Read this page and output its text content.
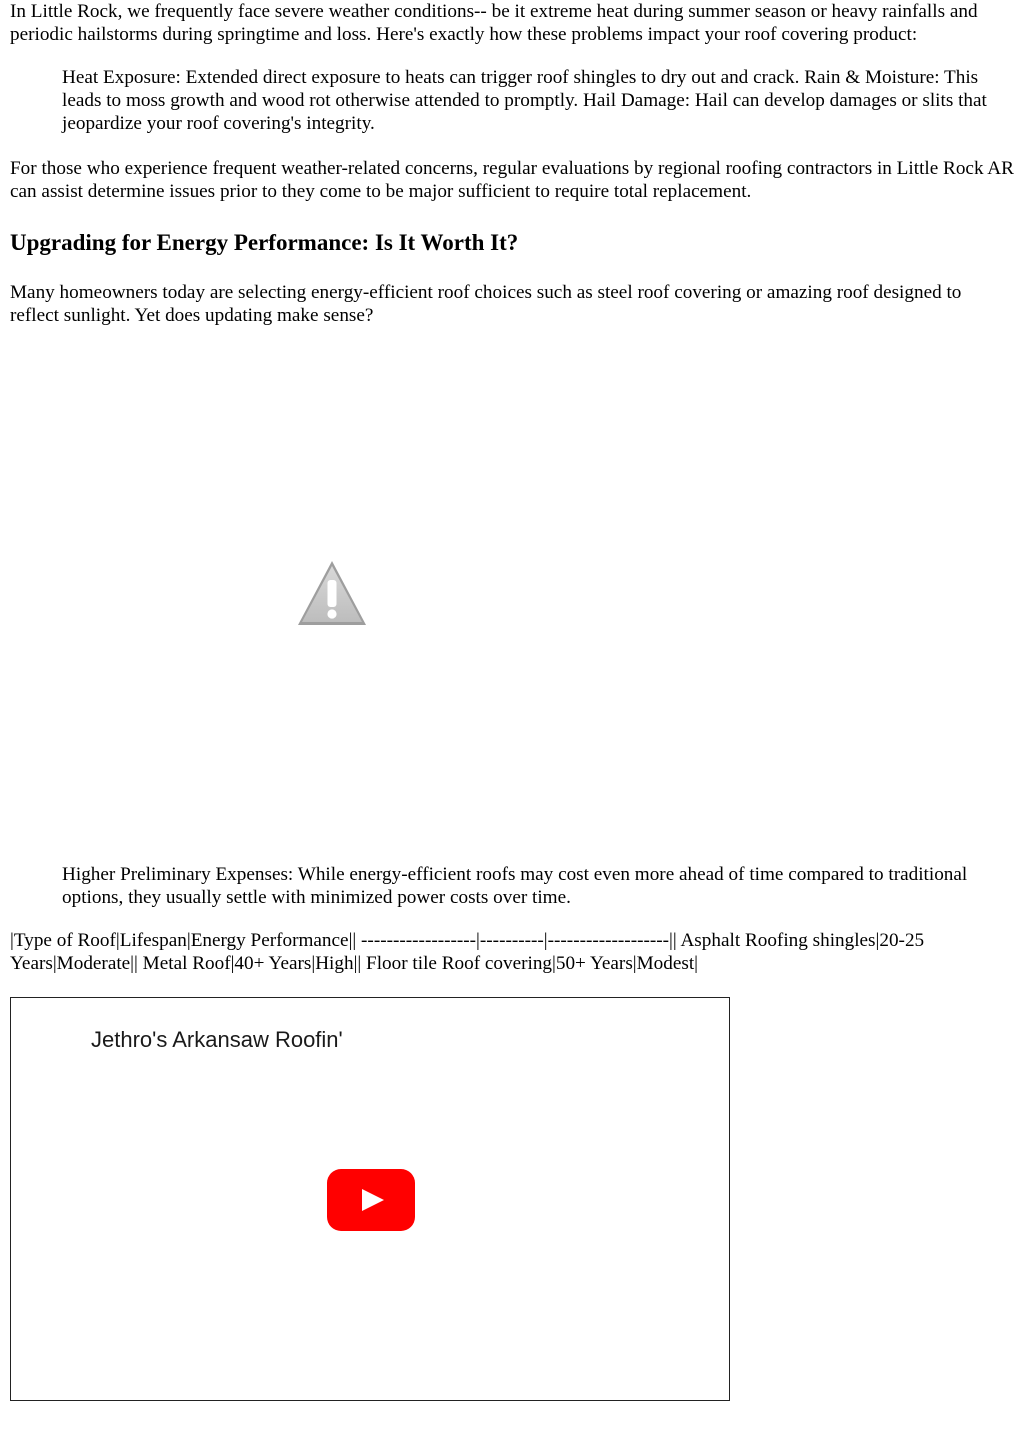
In Little Rock, we frequently face severe weather conditions-- be it extreme heat during summer season or heavy rainfalls and periodic hailstorms during springtime and loss. Here's exactly how these problems impact your roof covering product:

Heat Exposure: Extended direct exposure to heats can trigger roof shingles to dry out and crack. Rain & Moisture: This leads to moss growth and wood rot otherwise attended to promptly. Hail Damage: Hail can develop damages or slits that jeopardize your roof covering's integrity.

For those who experience frequent weather-related concerns, regular evaluations by regional roofing contractors in Little Rock AR can assist determine issues prior to they come to be major sufficient to require total replacement.

Upgrading for Energy Performance: Is It Worth It?

Many homeowners today are selecting energy-efficient roof choices such as steel roof covering or amazing roof designed to reflect sunlight. Yet does updating make sense?

Higher Preliminary Expenses: While energy-efficient roofs may cost even more ahead of time compared to traditional options, they usually settle with minimized power costs over time.

|Type of Roof|Lifespan|Energy Performance|| ------------------|----------|-------------------|| Asphalt Roofing shingles|20-25 Years|Moderate|| Metal Roof|40+ Years|High|| Floor tile Roof covering|50+ Years|Modest|

Jethro's Arkansaw Roofin'
